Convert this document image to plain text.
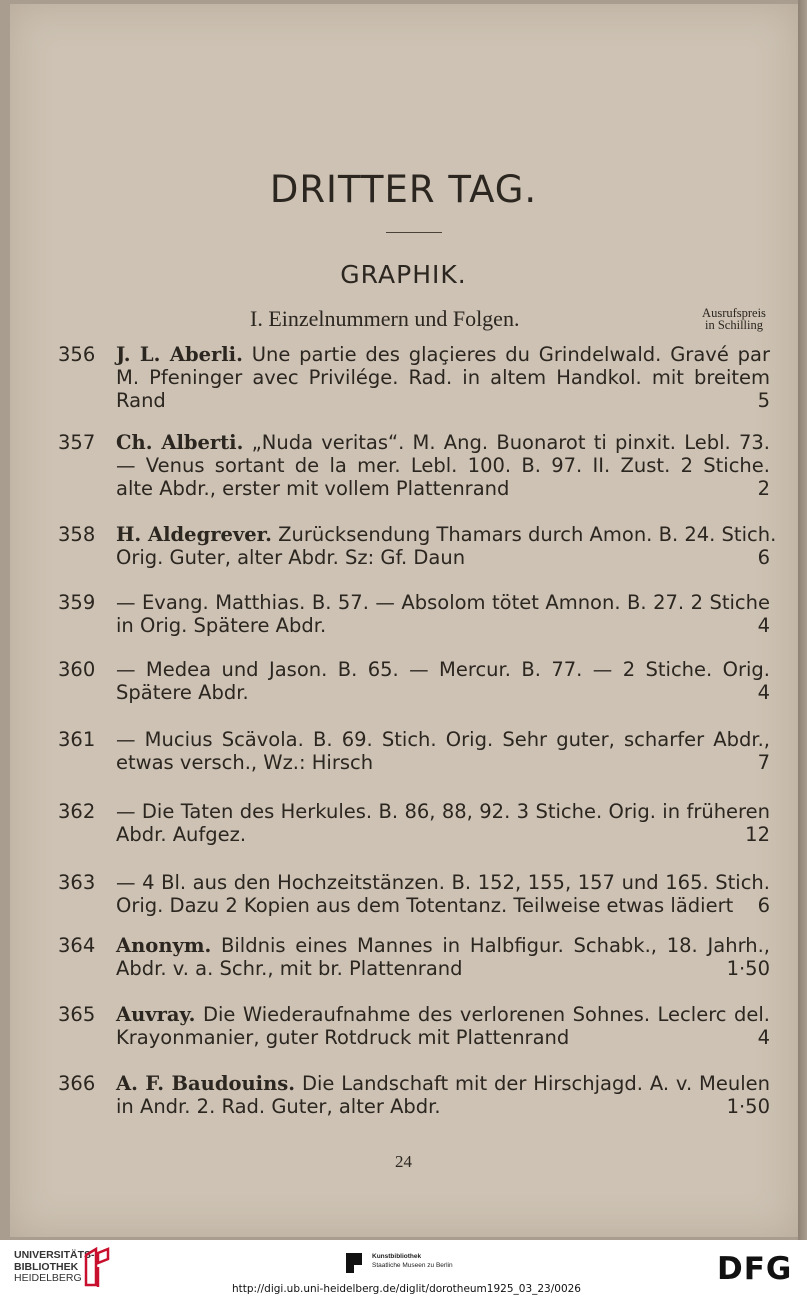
DRITTER TAG.
GRAPHIK.
I. Einzelnummern und Folgen.	Ausrufspreis
in Schilling
356 J. L. Aberli. Une partie des glaçieres du Grindelwald. Gravé par
M. Pfeninger avec Privilége. Rad. in altem Handkol. mit breitem
Rand	5
357 Ch. Alberti. „Nuda veritas“. M. Ang. Buonarot ti pinxit. Lebl. 73.
— Venus sortant de la mer. Lebl. 100. B. 97. II. Zust. 2 Stiche.
alte Abdr., erster mit vollem Plattenrand	2
358 H. Aldegrever. Zurücksendung Thamars durch Amon. B. 24. Stich.
Orig. Guter, alter Abdr. Sz: Gf. Daun	6
359 — Evang. Matthias. B. 57. — Absolom tötet Amnon. B. 27. 2 Stiche
in Orig. Spätere Abdr.	4
360 — Medea und Jason. B. 65. — Mercur. B. 77. — 2 Stiche. Orig.
Spätere Abdr.	4
361 — Mucius Scävola. B. 69. Stich. Orig. Sehr guter, scharfer Abdr.,
etwas versch., Wz.: Hirsch	7
362 — Die Taten des Herkules. B. 86, 88, 92. 3 Stiche. Orig. in früheren
Abdr. Aufgez.	12
363 — 4 Bl. aus den Hochzeitstänzen. B. 152, 155, 157 und 165. Stich.
Orig. Dazu 2 Kopien aus dem Totentanz. Teilweise etwas lädiert 6
364 Anonym. Bildnis eines Mannes in Halbfigur. Schabk., 18. Jahrh.,
Abdr. v. a. Schr., mit br. Plattenrand	1·50
365 Auvray. Die Wiederaufnahme des verlorenen Sohnes. Leclerc del.
Krayonmanier, guter Rotdruck mit Plattenrand	4
366 A. F. Baudouins. Die Landschaft mit der Hirschjagd. A. v. Meulen
in Andr. 2. Rad. Guter, alter Abdr.	1·50
24
UNIVERSITÄTS-
BIBLIOTHEK
HEIDELBERG
Kunstbibliothek
Staatliche Museen zu Berlin	DFG
http://digi.ub.uni-heidelberg.de/diglit/dorotheum1925_03_23/0026
